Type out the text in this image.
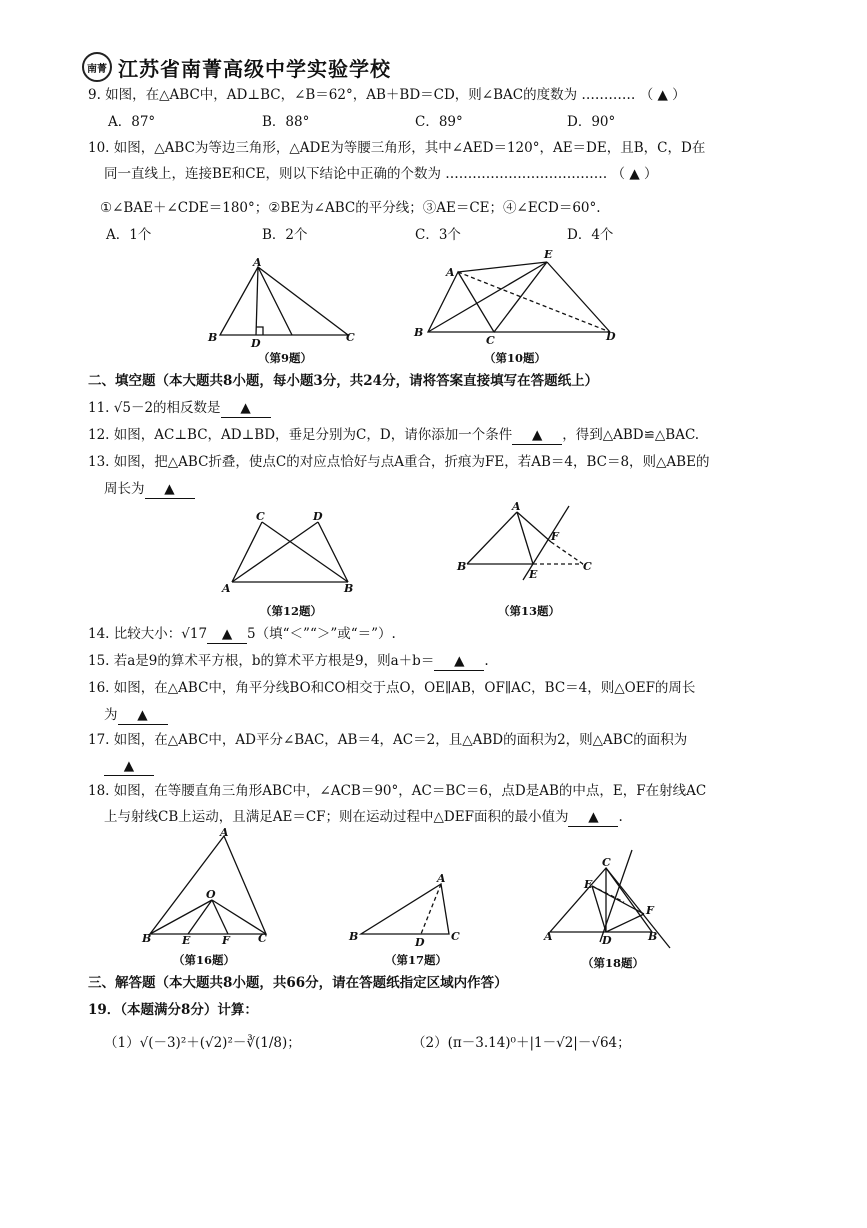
南菁 江苏省南菁高级中学实验学校
9. 如图，在△ABC中，AD⊥BC，∠B＝62°，AB＋BD＝CD，则∠BAC的度数为 ………… （ ▲ ）
A．87°	B．88°	C．89°	D．90°
10. 如图，△ABC为等边三角形，△ADE为等腰三角形，其中∠AED＝120°，AE＝DE，且B，C，D在
同一直线上，连接BE和CE，则以下结论中正确的个数为 ……………………………… （ ▲ ）
①∠BAE＋∠CDE＝180°；②BE为∠ABC的平分线；③AE＝CE；④∠ECD＝60°.
A．1个	B．2个	C．3个	D．4个
A
B	D	C
（第9题）
A
E
B
C	D
（第10题）
二、填空题（本大题共8小题，每小题3分，共24分，请将答案直接填写在答题纸上）
11. √5－2的相反数是 ▲
12. 如图，AC⊥BC，AD⊥BD，垂足分别为C，D，请你添加一个条件 ▲ ，得到△ABD≌△BAC.
13. 如图，把△ABC折叠，使点C的对应点恰好与点A重合，折痕为FE，若AB＝4，BC＝8，则△ABE的
周长为 ▲
C	D
A	B
（第12题）
A
B
E
F
C
（第13题）
14. 比较大小：√17 ▲ 5（填“＜”“＞”或“＝”）.
15. 若a是9的算术平方根，b的算术平方根是9，则a＋b＝ ▲ .
16. 如图，在△ABC中，角平分线BO和CO相交于点O，OE∥AB，OF∥AC，BC＝4，则△OEF的周长
为 ▲
17. 如图，在△ABC中，AD平分∠BAC，AB＝4，AC＝2，且△ABD的面积为2，则△ABC的面积为
▲
18. 如图，在等腰直角三角形ABC中，∠ACB＝90°，AC＝BC＝6，点D是AB的中点，E，F在射线AC
上与射线CB上运动，且满足AE＝CF；则在运动过程中△DEF面积的最小值为 ▲ .
A
O
B	E	F	C
（第16题）
A
B	D C
（第17题）
C
E
F
A	D	B
（第18题）
三、解答题（本大题共8小题，共66分，请在答题纸指定区域内作答）
19．（本题满分8分）计算：
（1）√(－3)²＋(√2)²－∛(1/8)；	（2）(π－3.14)⁰＋|1－√2|－√64；
